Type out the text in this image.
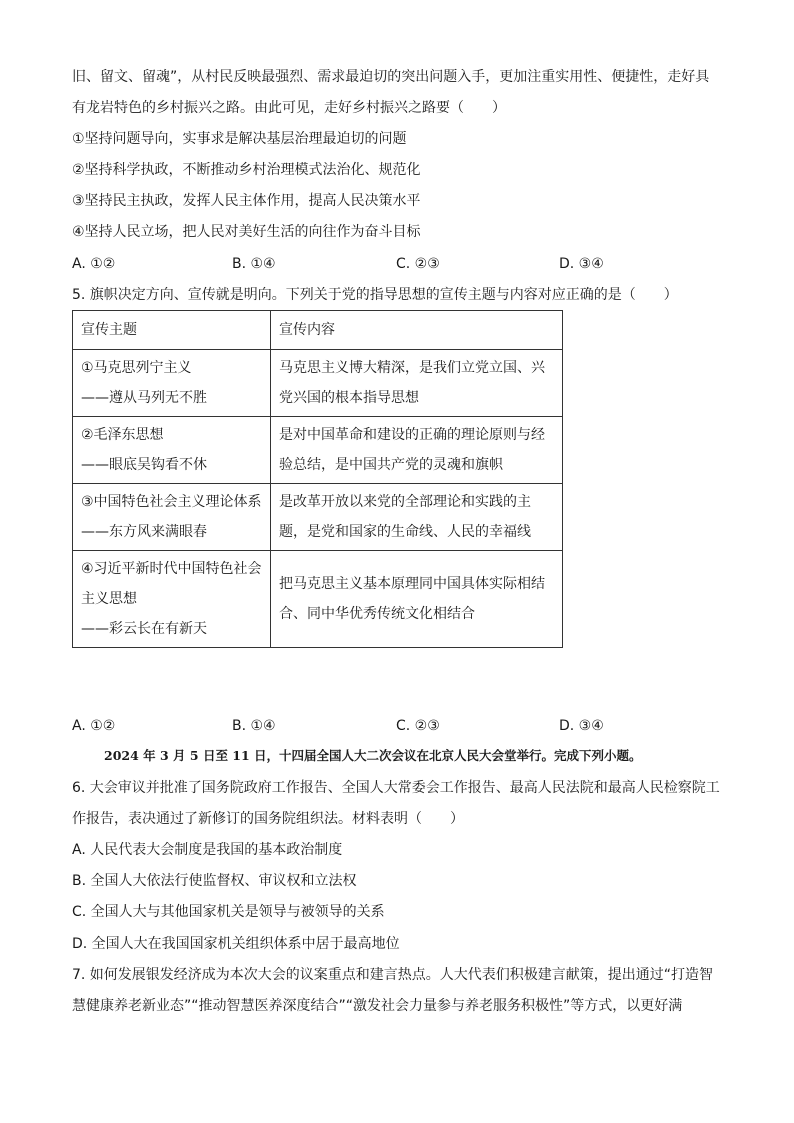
旧、留文、留魂”，从村民反映最强烈、需求最迫切的突出问题入手，更加注重实用性、便捷性，走好具
有龙岩特色的乡村振兴之路。由此可见，走好乡村振兴之路要（　　）
①坚持问题导向，实事求是解决基层治理最迫切的问题
②坚持科学执政，不断推动乡村治理模式法治化、规范化
③坚持民主执政，发挥人民主体作用，提高人民决策水平
④坚持人民立场，把人民对美好生活的向往作为奋斗目标
A. ①②	B. ①④	C. ②③	D. ③④
5. 旗帜决定方向、宣传就是明向。下列关于党的指导思想的宣传主题与内容对应正确的是（　　）
宣传主题	宣传内容

①马克思列宁主义
——遵从马列无不胜	马克思主义博大精深，是我们立党立国、兴
党兴国的根本指导思想

②毛泽东思想
——眼底吴钩看不休	是对中国革命和建设的正确的理论原则与经
验总结，是中国共产党的灵魂和旗帜

③中国特色社会主义理论体系
——东方风来满眼春	是改革开放以来党的全部理论和实践的主
题，是党和国家的生命线、人民的幸福线

④习近平新时代中国特色社会
主义思想
——彩云长在有新天	把马克思主义基本原理同中国具体实际相结
合、同中华优秀传统文化相结合
A. ①②	B. ①④	C. ②③	D. ③④
2024 年 3 月 5 日至 11 日，十四届全国人大二次会议在北京人民大会堂举行。完成下列小题。
6. 大会审议并批准了国务院政府工作报告、全国人大常委会工作报告、最高人民法院和最高人民检察院工
作报告，表决通过了新修订的国务院组织法。材料表明（　　）
A. 人民代表大会制度是我国的基本政治制度
B. 全国人大依法行使监督权、审议权和立法权
C. 全国人大与其他国家机关是领导与被领导的关系
D. 全国人大在我国国家机关组织体系中居于最高地位
7. 如何发展银发经济成为本次大会的议案重点和建言热点。人大代表们积极建言献策，提出通过“打造智
慧健康养老新业态”“推动智慧医养深度结合”“激发社会力量参与养老服务积极性”等方式，以更好满
